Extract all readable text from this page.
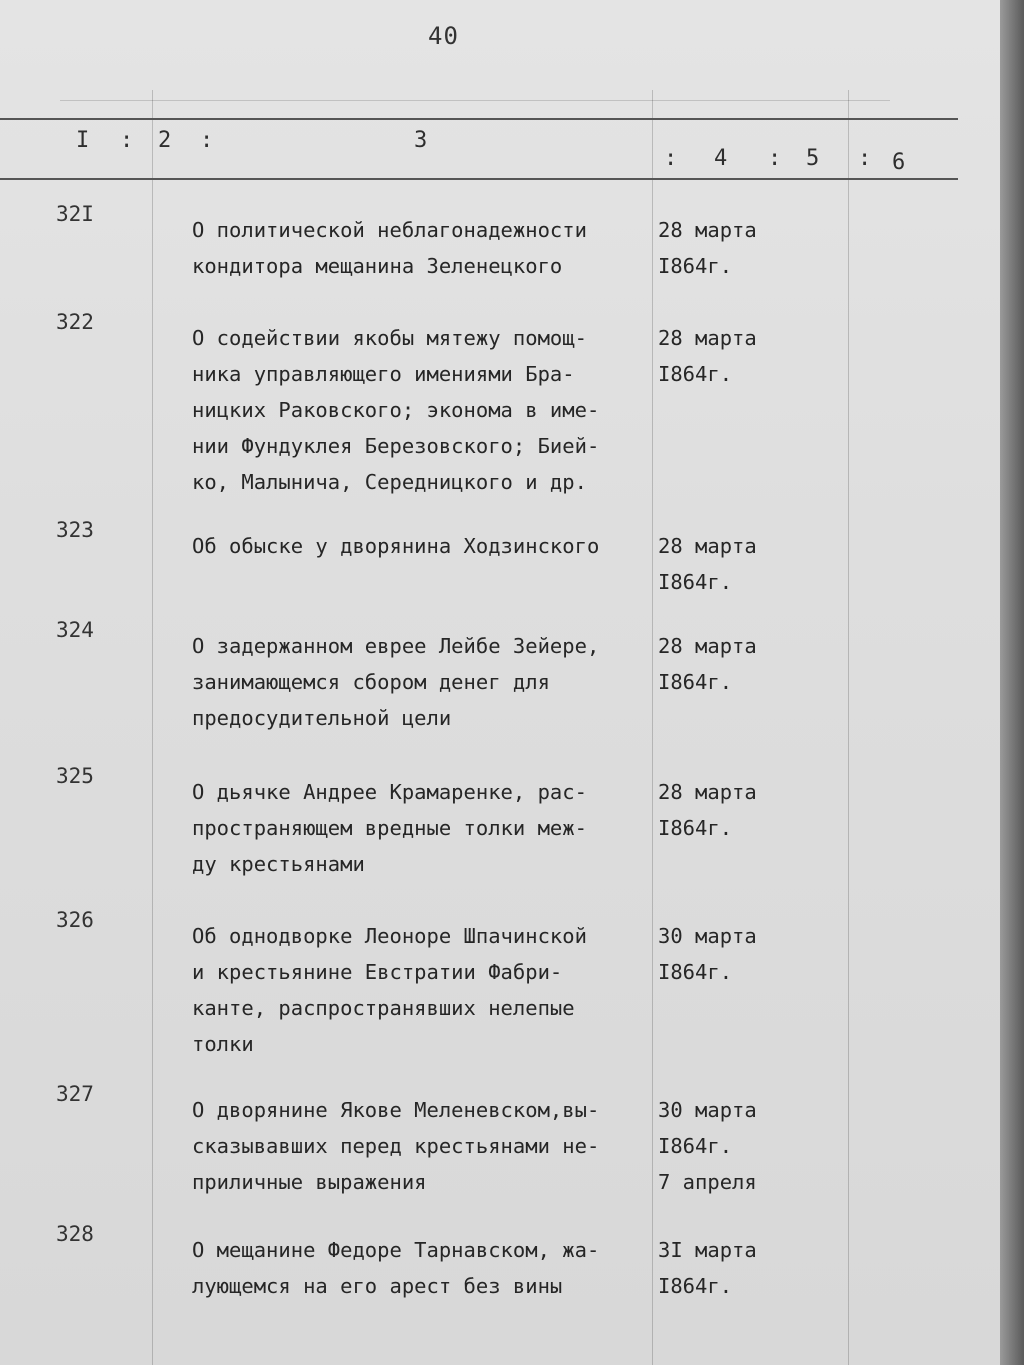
40
I : 2 :	3
: 4 : 5 : 6
32I
О политической неблагонадежности
кондитора мещанина Зеленецкого
28 марта
I864г.
322
О содействии якобы мятежу помощ-
ника управляющего имениями Бра-
ницких Раковского; эконома в име-
нии Фундуклея Березовского; Бией-
ко, Малынича, Середницкого и др.
28 марта
I864г.
323
Об обыске у дворянина Ходзинского	28 марта
I864г.
324
О задержанном еврее Лейбе Зейере,
занимающемся сбором денег для
предосудительной цели
28 марта
I864г.
325
О дьячке Андрее Крамаренке, рас-
пространяющем вредные толки меж-
ду крестьянами
28 марта
I864г.
326
Об однодворке Леоноре Шпачинской
и крестьянине Евстратии Фабри-
канте, распространявших нелепые
толки
30 марта
I864г.
327
О дворянине Якове Меленевском,вы-
сказывавших перед крестьянами не-
приличные выражения
30 марта
I864г.
7 апреля
328
О мещанине Федоре Тарнавском, жа-
лующемся на его арест без вины
3I марта
I864г.
